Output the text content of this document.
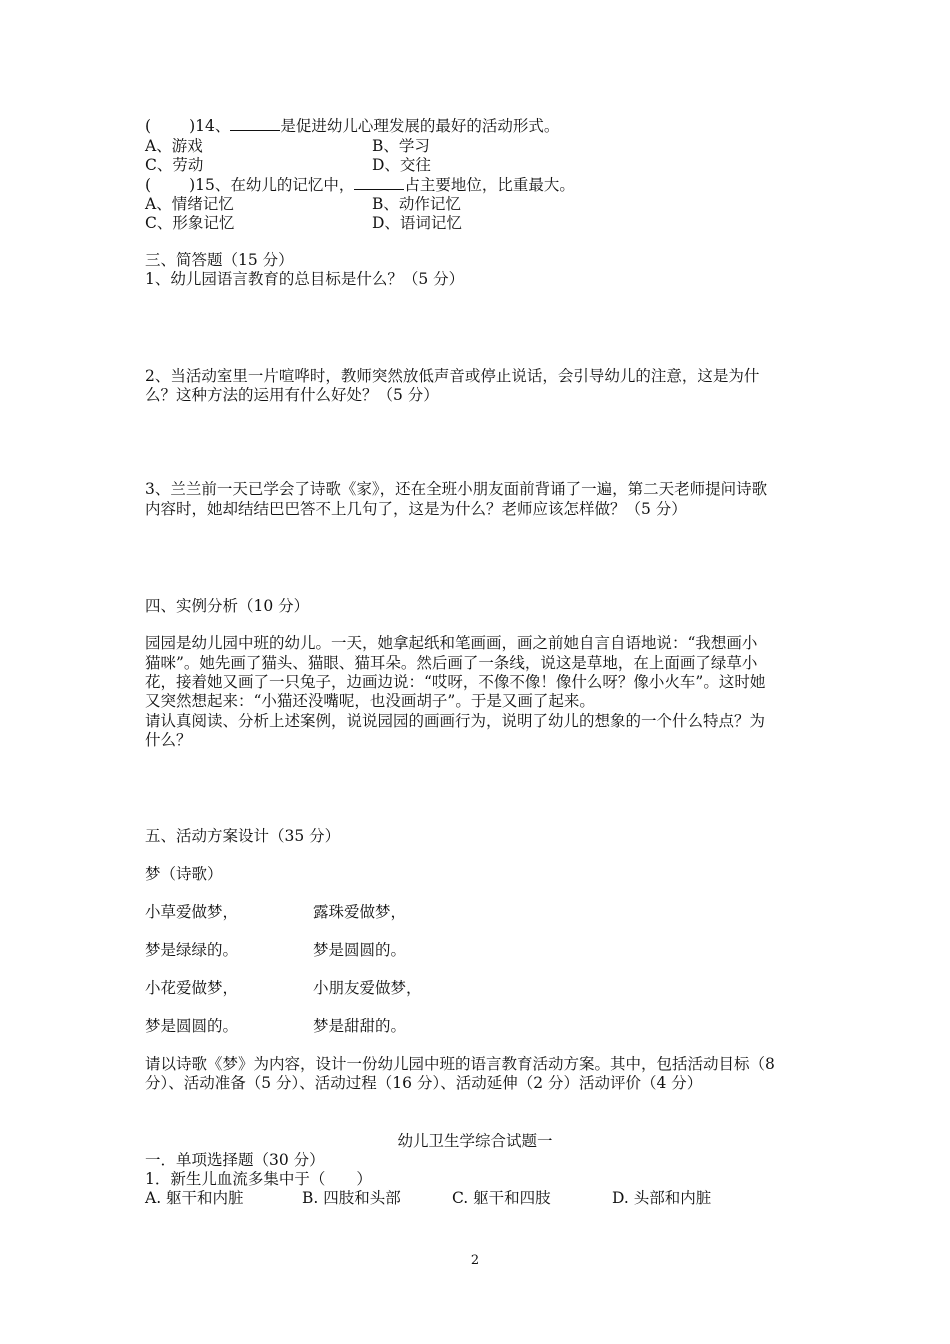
( )14、	是促进幼儿心理发展的最好的活动形式。
A、游戏	B、学习
C、劳动	D、交往
( )15、在幼儿的记忆中，	占主要地位，比重最大。
A、情绪记忆	B、动作记忆
C、形象记忆	D、语词记忆
三、简答题（15 分）
1、幼儿园语言教育的总目标是什么？（5 分）
2、当活动室里一片喧哗时，教师突然放低声音或停止说话，会引导幼儿的注意，这是为什
么？这种方法的运用有什么好处？（5 分）
3、兰兰前一天已学会了诗歌《家》，还在全班小朋友面前背诵了一遍，第二天老师提问诗歌
内容时，她却结结巴巴答不上几句了，这是为什么？老师应该怎样做？（5 分）
四、实例分析（10 分）
园园是幼儿园中班的幼儿。一天，她拿起纸和笔画画，画之前她自言自语地说：“我想画小
猫咪”。她先画了猫头、猫眼、猫耳朵。然后画了一条线，说这是草地，在上面画了绿草小
花，接着她又画了一只兔子，边画边说：“哎呀，不像不像！像什么呀？像小火车”。这时她
又突然想起来：“小猫还没嘴呢，也没画胡子”。于是又画了起来。
请认真阅读、分析上述案例，说说园园的画画行为，说明了幼儿的想象的一个什么特点？为
什么？
五、活动方案设计（35 分）
梦（诗歌）
小草爱做梦，	露珠爱做梦，
梦是绿绿的。	梦是圆圆的。
小花爱做梦，	小朋友爱做梦，
梦是圆圆的。	梦是甜甜的。
请以诗歌《梦》为内容，设计一份幼儿园中班的语言教育活动方案。其中，包括活动目标（8
分）、活动准备（5 分）、活动过程（16 分）、活动延伸（2 分）活动评价（4 分）
幼儿卫生学综合试题一
一．单项选择题（30 分）
1．新生儿血流多集中于（　　）
A. 躯干和内脏	B. 四肢和头部	C. 躯干和四肢	D. 头部和内脏
2
